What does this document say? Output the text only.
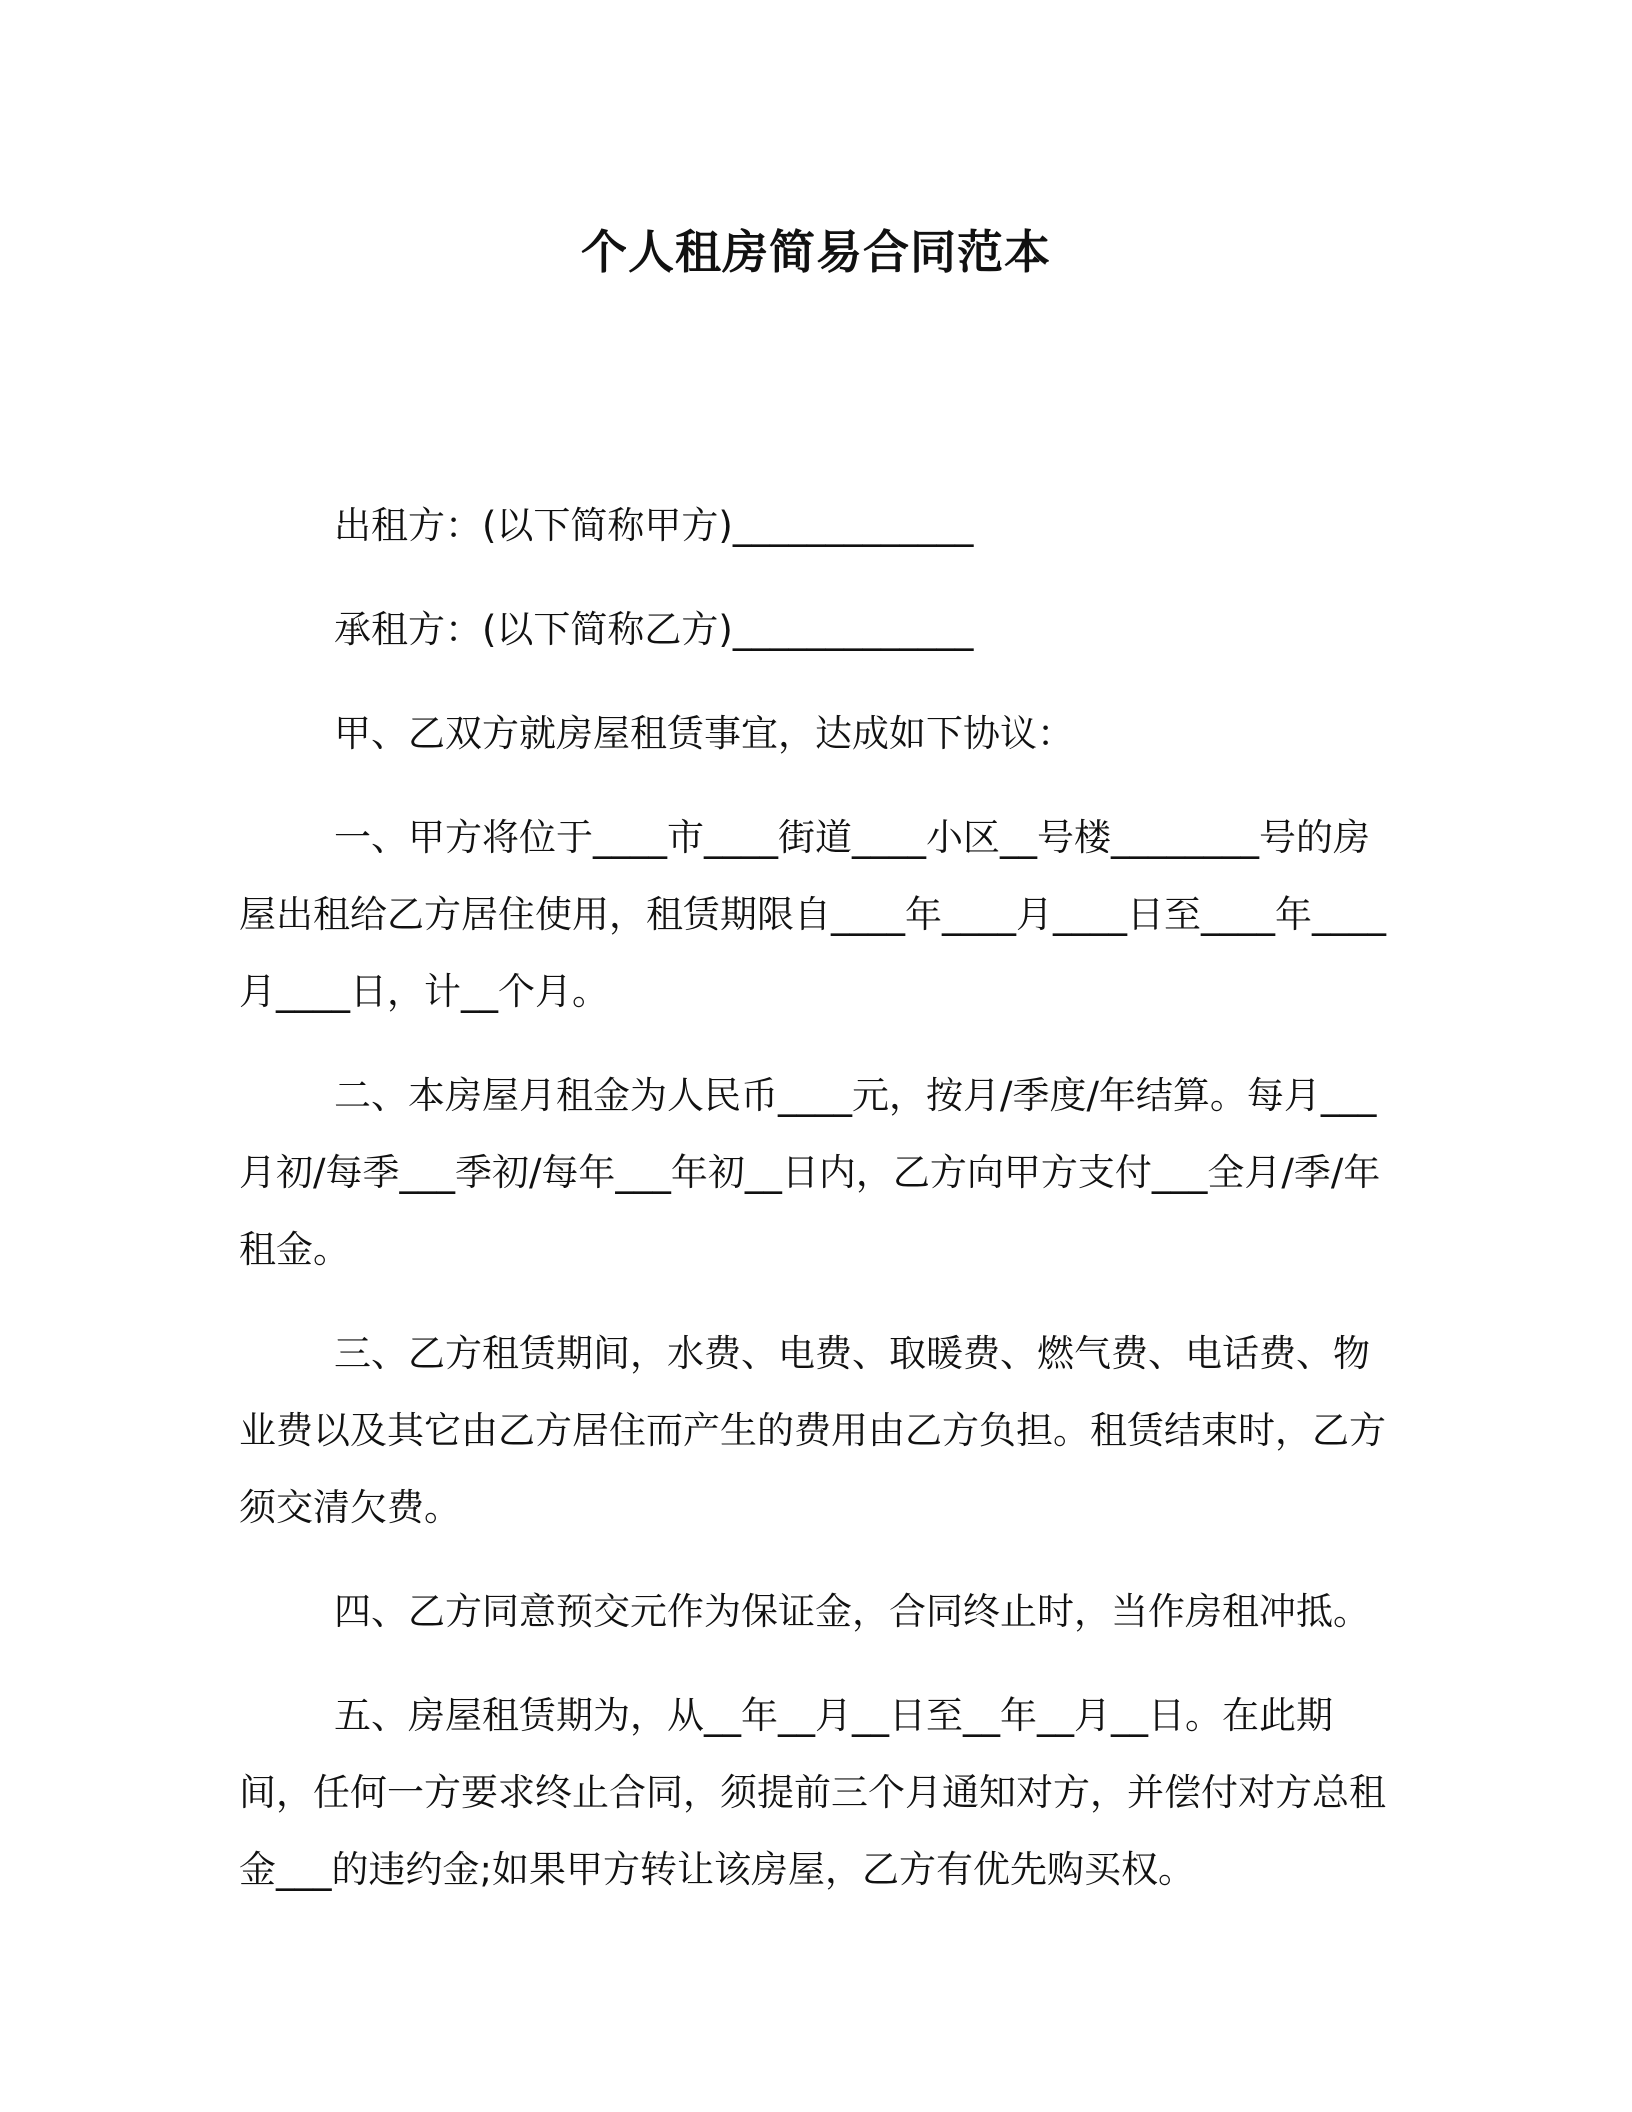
个人租房简易合同范本

出租方：(以下简称甲方)_____________

承租方：(以下简称乙方)_____________

甲、乙双方就房屋租赁事宜，达成如下协议：

一、甲方将位于____市____街道____小区__号楼________号的房屋出租给乙方居住使用，租赁期限自____年____月____日至____年____月____日，计__个月。

二、本房屋月租金为人民币____元，按月/季度/年结算。每月___月初/每季___季初/每年___年初__日内，乙方向甲方支付___全月/季/年租金。

三、乙方租赁期间，水费、电费、取暖费、燃气费、电话费、物业费以及其它由乙方居住而产生的费用由乙方负担。租赁结束时，乙方须交清欠费。

四、乙方同意预交元作为保证金，合同终止时，当作房租冲抵。

五、房屋租赁期为，从__年__月__日至__年__月__日。在此期间，任何一方要求终止合同，须提前三个月通知对方，并偿付对方总租金___的违约金;如果甲方转让该房屋，乙方有优先购买权。
